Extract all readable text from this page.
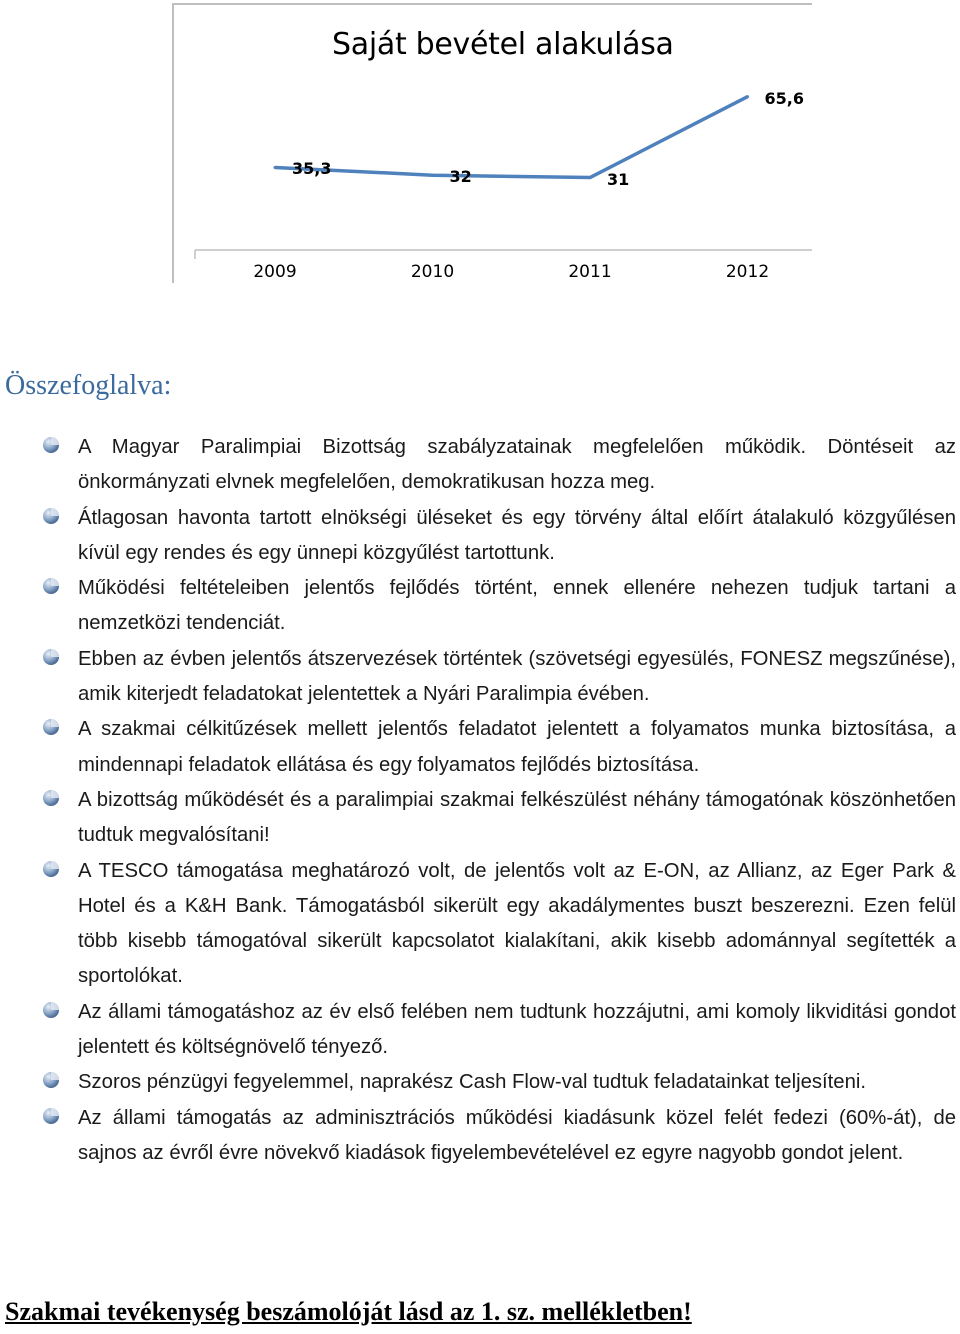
Saját bevétel alakulása
35,3
2009
32
2010
31
2011
65,6
2012
Összefoglalva:
A Magyar Paralimpiai Bizottság szabályzatainak megfelelően működik. Döntéseit az önkormányzati elvnek megfelelően, demokratikusan hozza meg.
Átlagosan havonta tartott elnökségi üléseket és egy törvény által előírt átalakuló közgyűlésen kívül egy rendes és egy ünnepi közgyűlést tartottunk.
Működési feltételeiben jelentős fejlődés történt, ennek ellenére nehezen tudjuk tartani a nemzetközi tendenciát.
Ebben az évben jelentős átszervezések történtek (szövetségi egyesülés, FONESZ megszűnése), amik kiterjedt feladatokat jelentettek a Nyári Paralimpia évében.
A szakmai célkitűzések mellett jelentős feladatot jelentett a folyamatos munka biztosítása, a mindennapi feladatok ellátása és egy folyamatos fejlődés biztosítása.
A bizottság működését és a paralimpiai szakmai felkészülést néhány támogatónak köszönhetően tudtuk megvalósítani!
A TESCO támogatása meghatározó volt, de jelentős volt az E-ON, az Allianz, az Eger Park & Hotel és a K&H Bank. Támogatásból sikerült egy akadálymentes buszt beszerezni. Ezen felül több kisebb támogatóval sikerült kapcsolatot kialakítani, akik kisebb adománnyal segítették a sportolókat.
Az állami támogatáshoz az év első felében nem tudtunk hozzájutni, ami komoly likviditási gondot jelentett és költségnövelő tényező.
Szoros pénzügyi fegyelemmel, naprakész Cash Flow-val tudtuk feladatainkat teljesíteni.
Az állami támogatás az adminisztrációs működési kiadásunk közel felét fedezi (60%-át), de sajnos az évről évre növekvő kiadások figyelembevételével ez egyre nagyobb gondot jelent.

Szakmai tevékenység beszámolóját lásd az 1. sz. mellékletben!
